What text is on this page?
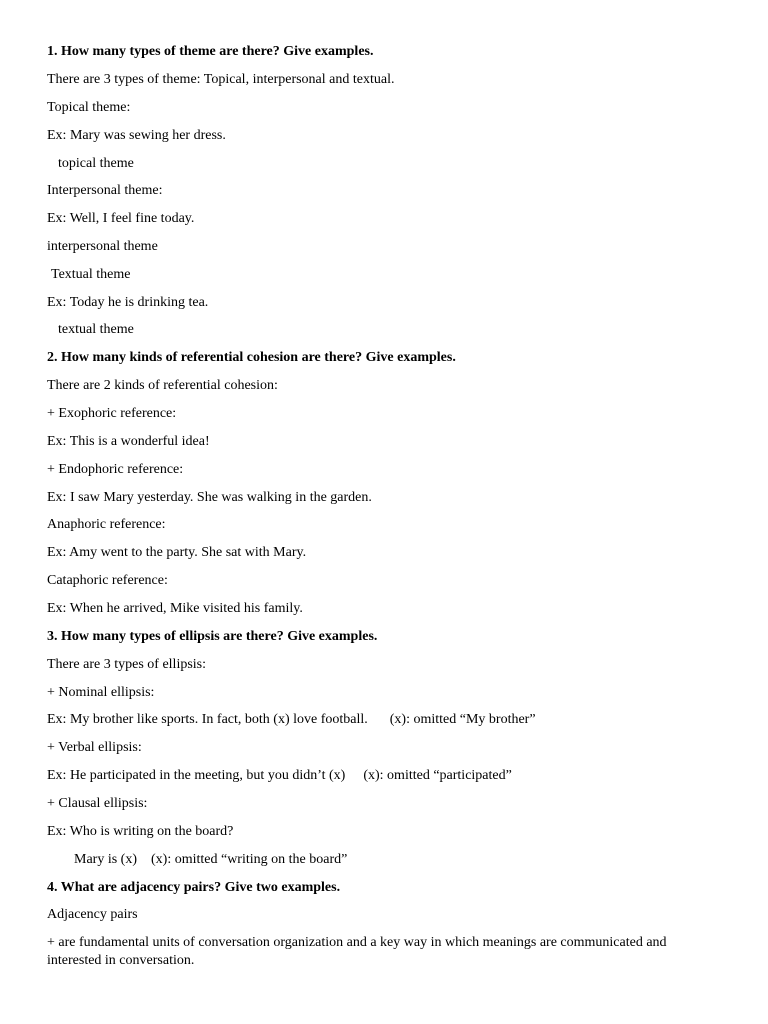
1. How many types of theme are there? Give examples.
There are 3 types of theme: Topical, interpersonal and textual.
Topical theme:
Ex: Mary was sewing her dress.
topical theme
Interpersonal theme:
Ex: Well, I feel fine today.
interpersonal theme
Textual theme
Ex: Today he is drinking tea.
textual theme
2. How many kinds of referential cohesion are there? Give examples.
There are 2 kinds of referential cohesion:
+ Exophoric reference:
Ex: This is a wonderful idea!
+ Endophoric reference:
Ex: I saw Mary yesterday. She was walking in the garden.
Anaphoric reference:
Ex: Amy went to the party. She sat with Mary.
Cataphoric reference:
Ex: When he arrived, Mike visited his family.
3. How many types of ellipsis are there? Give examples.
There are 3 types of ellipsis:
+ Nominal ellipsis:
Ex: My brother like sports. In fact, both (x) love football. (x): omitted “My brother”
+ Verbal ellipsis:
Ex: He participated in the meeting, but you didn’t (x) (x): omitted “participated”
+ Clausal ellipsis:
Ex: Who is writing on the board?
Mary is (x) (x): omitted “writing on the board”
4. What are adjacency pairs? Give two examples.
Adjacency pairs
+ are fundamental units of conversation organization and a key way in which meanings are communicated and interested in conversation.
